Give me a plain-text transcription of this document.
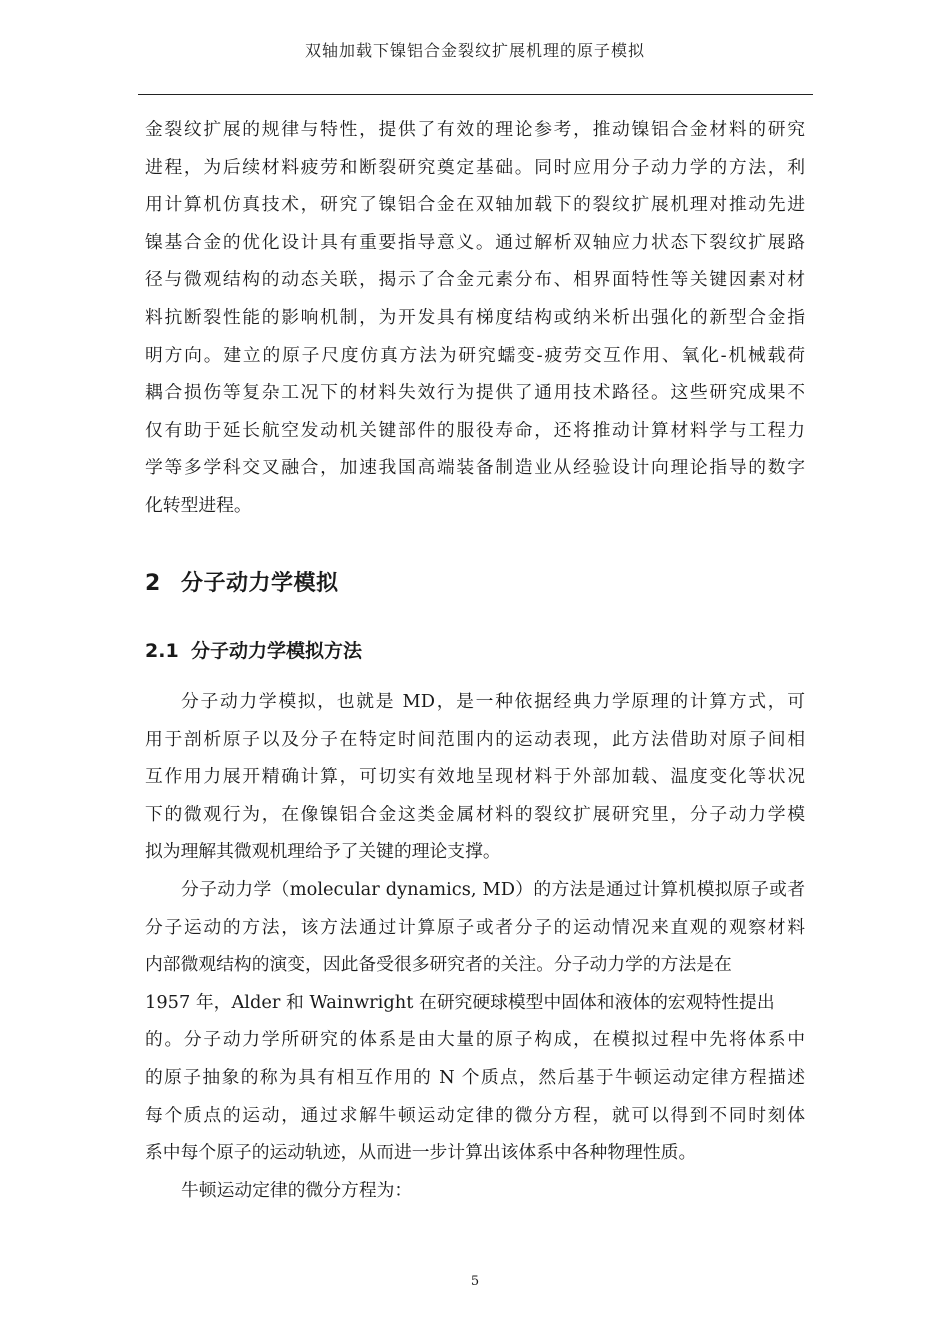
双轴加载下镍铝合金裂纹扩展机理的原子模拟
金裂纹扩展的规律与特性，提供了有效的理论参考，推动镍铝合金材料的研究
进程，为后续材料疲劳和断裂研究奠定基础。同时应用分子动力学的方法，利
用计算机仿真技术，研究了镍铝合金在双轴加载下的裂纹扩展机理对推动先进
镍基合金的优化设计具有重要指导意义。通过解析双轴应力状态下裂纹扩展路
径与微观结构的动态关联，揭示了合金元素分布、相界面特性等关键因素对材
料抗断裂性能的影响机制，为开发具有梯度结构或纳米析出强化的新型合金指
明方向。建立的原子尺度仿真方法为研究蠕变-疲劳交互作用、氧化-机械载荷
耦合损伤等复杂工况下的材料失效行为提供了通用技术路径。这些研究成果不
仅有助于延长航空发动机关键部件的服役寿命，还将推动计算材料学与工程力
学等多学科交叉融合，加速我国高端装备制造业从经验设计向理论指导的数字
化转型进程。
2 分子动力学模拟
2.1 分子动力学模拟方法
分子动力学模拟，也就是 MD，是一种依据经典力学原理的计算方式，可
用于剖析原子以及分子在特定时间范围内的运动表现，此方法借助对原子间相
互作用力展开精确计算，可切实有效地呈现材料于外部加载、温度变化等状况
下的微观行为，在像镍铝合金这类金属材料的裂纹扩展研究里，分子动力学模
拟为理解其微观机理给予了关键的理论支撑。
分子动力学（molecular dynamics, MD）的方法是通过计算机模拟原子或者
分子运动的方法，该方法通过计算原子或者分子的运动情况来直观的观察材料
内部微观结构的演变，因此备受很多研究者的关注。分子动力学的方法是在
1957 年，Alder 和 Wainwright 在研究硬球模型中固体和液体的宏观特性提出
的。分子动力学所研究的体系是由大量的原子构成，在模拟过程中先将体系中
的原子抽象的称为具有相互作用的 N 个质点，然后基于牛顿运动定律方程描述
每个质点的运动，通过求解牛顿运动定律的微分方程，就可以得到不同时刻体
系中每个原子的运动轨迹，从而进一步计算出该体系中各种物理性质。
牛顿运动定律的微分方程为：
5
